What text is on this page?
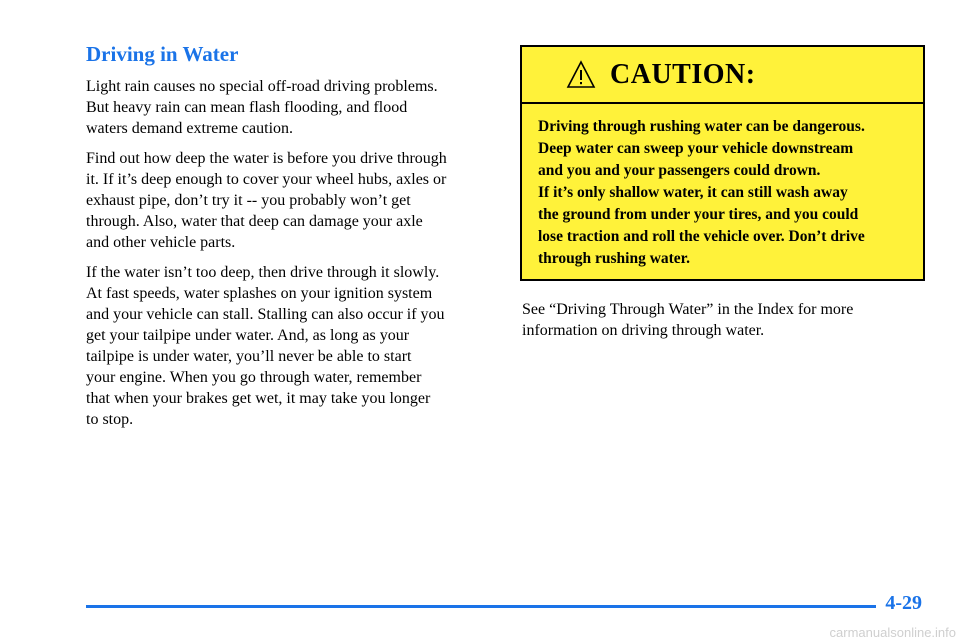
Driving in Water

Light rain causes no special off-road driving problems.
But heavy rain can mean flash flooding, and flood
waters demand extreme caution.

Find out how deep the water is before you drive through
it. If it’s deep enough to cover your wheel hubs, axles or
exhaust pipe, don’t try it -- you probably won’t get
through. Also, water that deep can damage your axle
and other vehicle parts.

If the water isn’t too deep, then drive through it slowly.
At fast speeds, water splashes on your ignition system
and your vehicle can stall. Stalling can also occur if you
get your tailpipe under water. And, as long as your
tailpipe is under water, you’ll never be able to start
your engine. When you go through water, remember
that when your brakes get wet, it may take you longer
to stop.

CAUTION:
Driving through rushing water can be dangerous.
Deep water can sweep your vehicle downstream
and you and your passengers could drown.
If it’s only shallow water, it can still wash away
the ground from under your tires, and you could
lose traction and roll the vehicle over. Don’t drive
through rushing water.

See “Driving Through Water” in the Index for more
information on driving through water.

4-29
carmanualsonline.info
